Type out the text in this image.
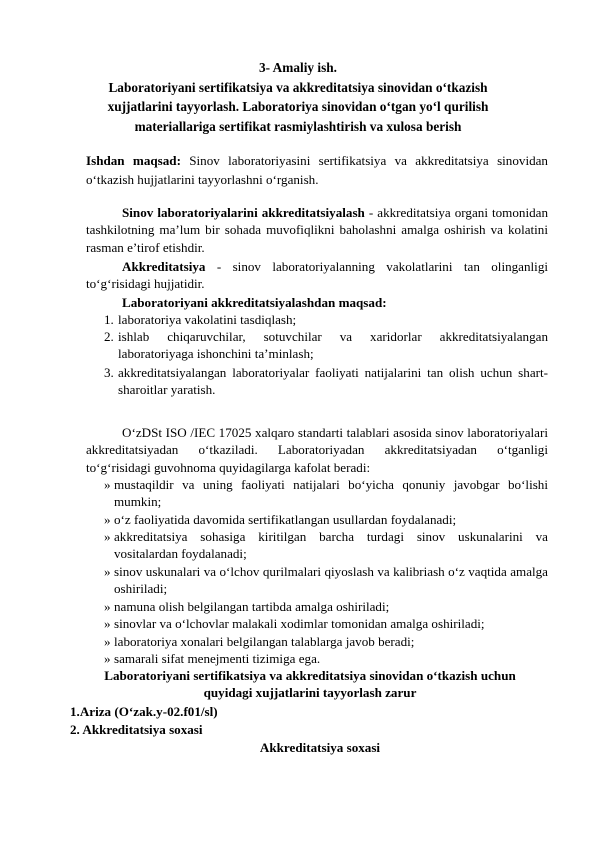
3- Amaliy ish.
Laboratoriyani sertifikatsiya va akkreditatsiya sinovidan o‘tkazish
xujjatlarini tayyorlash. Laboratoriya sinovidan o‘tgan yo‘l qurilish
materiallariga sertifikat rasmiylashtirish va xulosa berish

Ishdan maqsad: Sinov laboratoriyasini sertifikatsiya va akkreditatsiya sinovidan o‘tkazish hujjatlarini tayyorlashni o‘rganish.

Sinov laboratoriyalarini akkreditatsiyalash - akkreditatsiya organi tomonidan tashkilotning ma’lum bir sohada muvofiqlikni baholashni amalga oshirish va kolatini rasman e’tirof etishdir.

Akkreditatsiya - sinov laboratoriyalanning vakolatlarini tan olinganligi to‘g‘risidagi hujjatidir.

Laboratoriyani akkreditatsiyalashdan maqsad:

1. laboratoriya vakolatini tasdiqlash;
2. ishlab chiqaruvchilar, sotuvchilar va xaridorlar akkreditatsiyalangan laboratoriyaga ishonchini ta’minlash;
3. akkreditatsiyalangan laboratoriyalar faoliyati natijalarini tan olish uchun shart-sharoitlar yaratish.

O‘zDSt ISO /IEC 17025 xalqaro standarti talablari asosida sinov laboratoriyalari akkreditatsiyadan o‘tkaziladi. Laboratoriyadan akkreditatsiyadan o‘tganligi to‘g‘risidagi guvohnoma quyidagilarga kafolat beradi:

» mustaqildir va uning faoliyati natijalari bo‘yicha qonuniy javobgar bo‘lishi mumkin;
» o‘z faoliyatida davomida sertifikatlangan usullardan foydalanadi;
» akkreditatsiya sohasiga kiritilgan barcha turdagi sinov uskunalarini va vositalardan foydalanadi;
» sinov uskunalari va o‘lchov qurilmalari qiyoslash va kalibriash o‘z vaqtida amalga oshiriladi;
» namuna olish belgilangan tartibda amalga oshiriladi;
» sinovlar va o‘lchovlar malakali xodimlar tomonidan amalga oshiriladi;
» laboratoriya xonalari belgilangan talablarga javob beradi;
» samarali sifat menejmenti tizimiga ega.
Laboratoriyani sertifikatsiya va akkreditatsiya sinovidan o‘tkazish uchun
quyidagi xujjatlarini tayyorlash zarur
1.Ariza (O‘zak.y-02.f01/sl)
2. Akkreditatsiya soxasi
Akkreditatsiya soxasi
